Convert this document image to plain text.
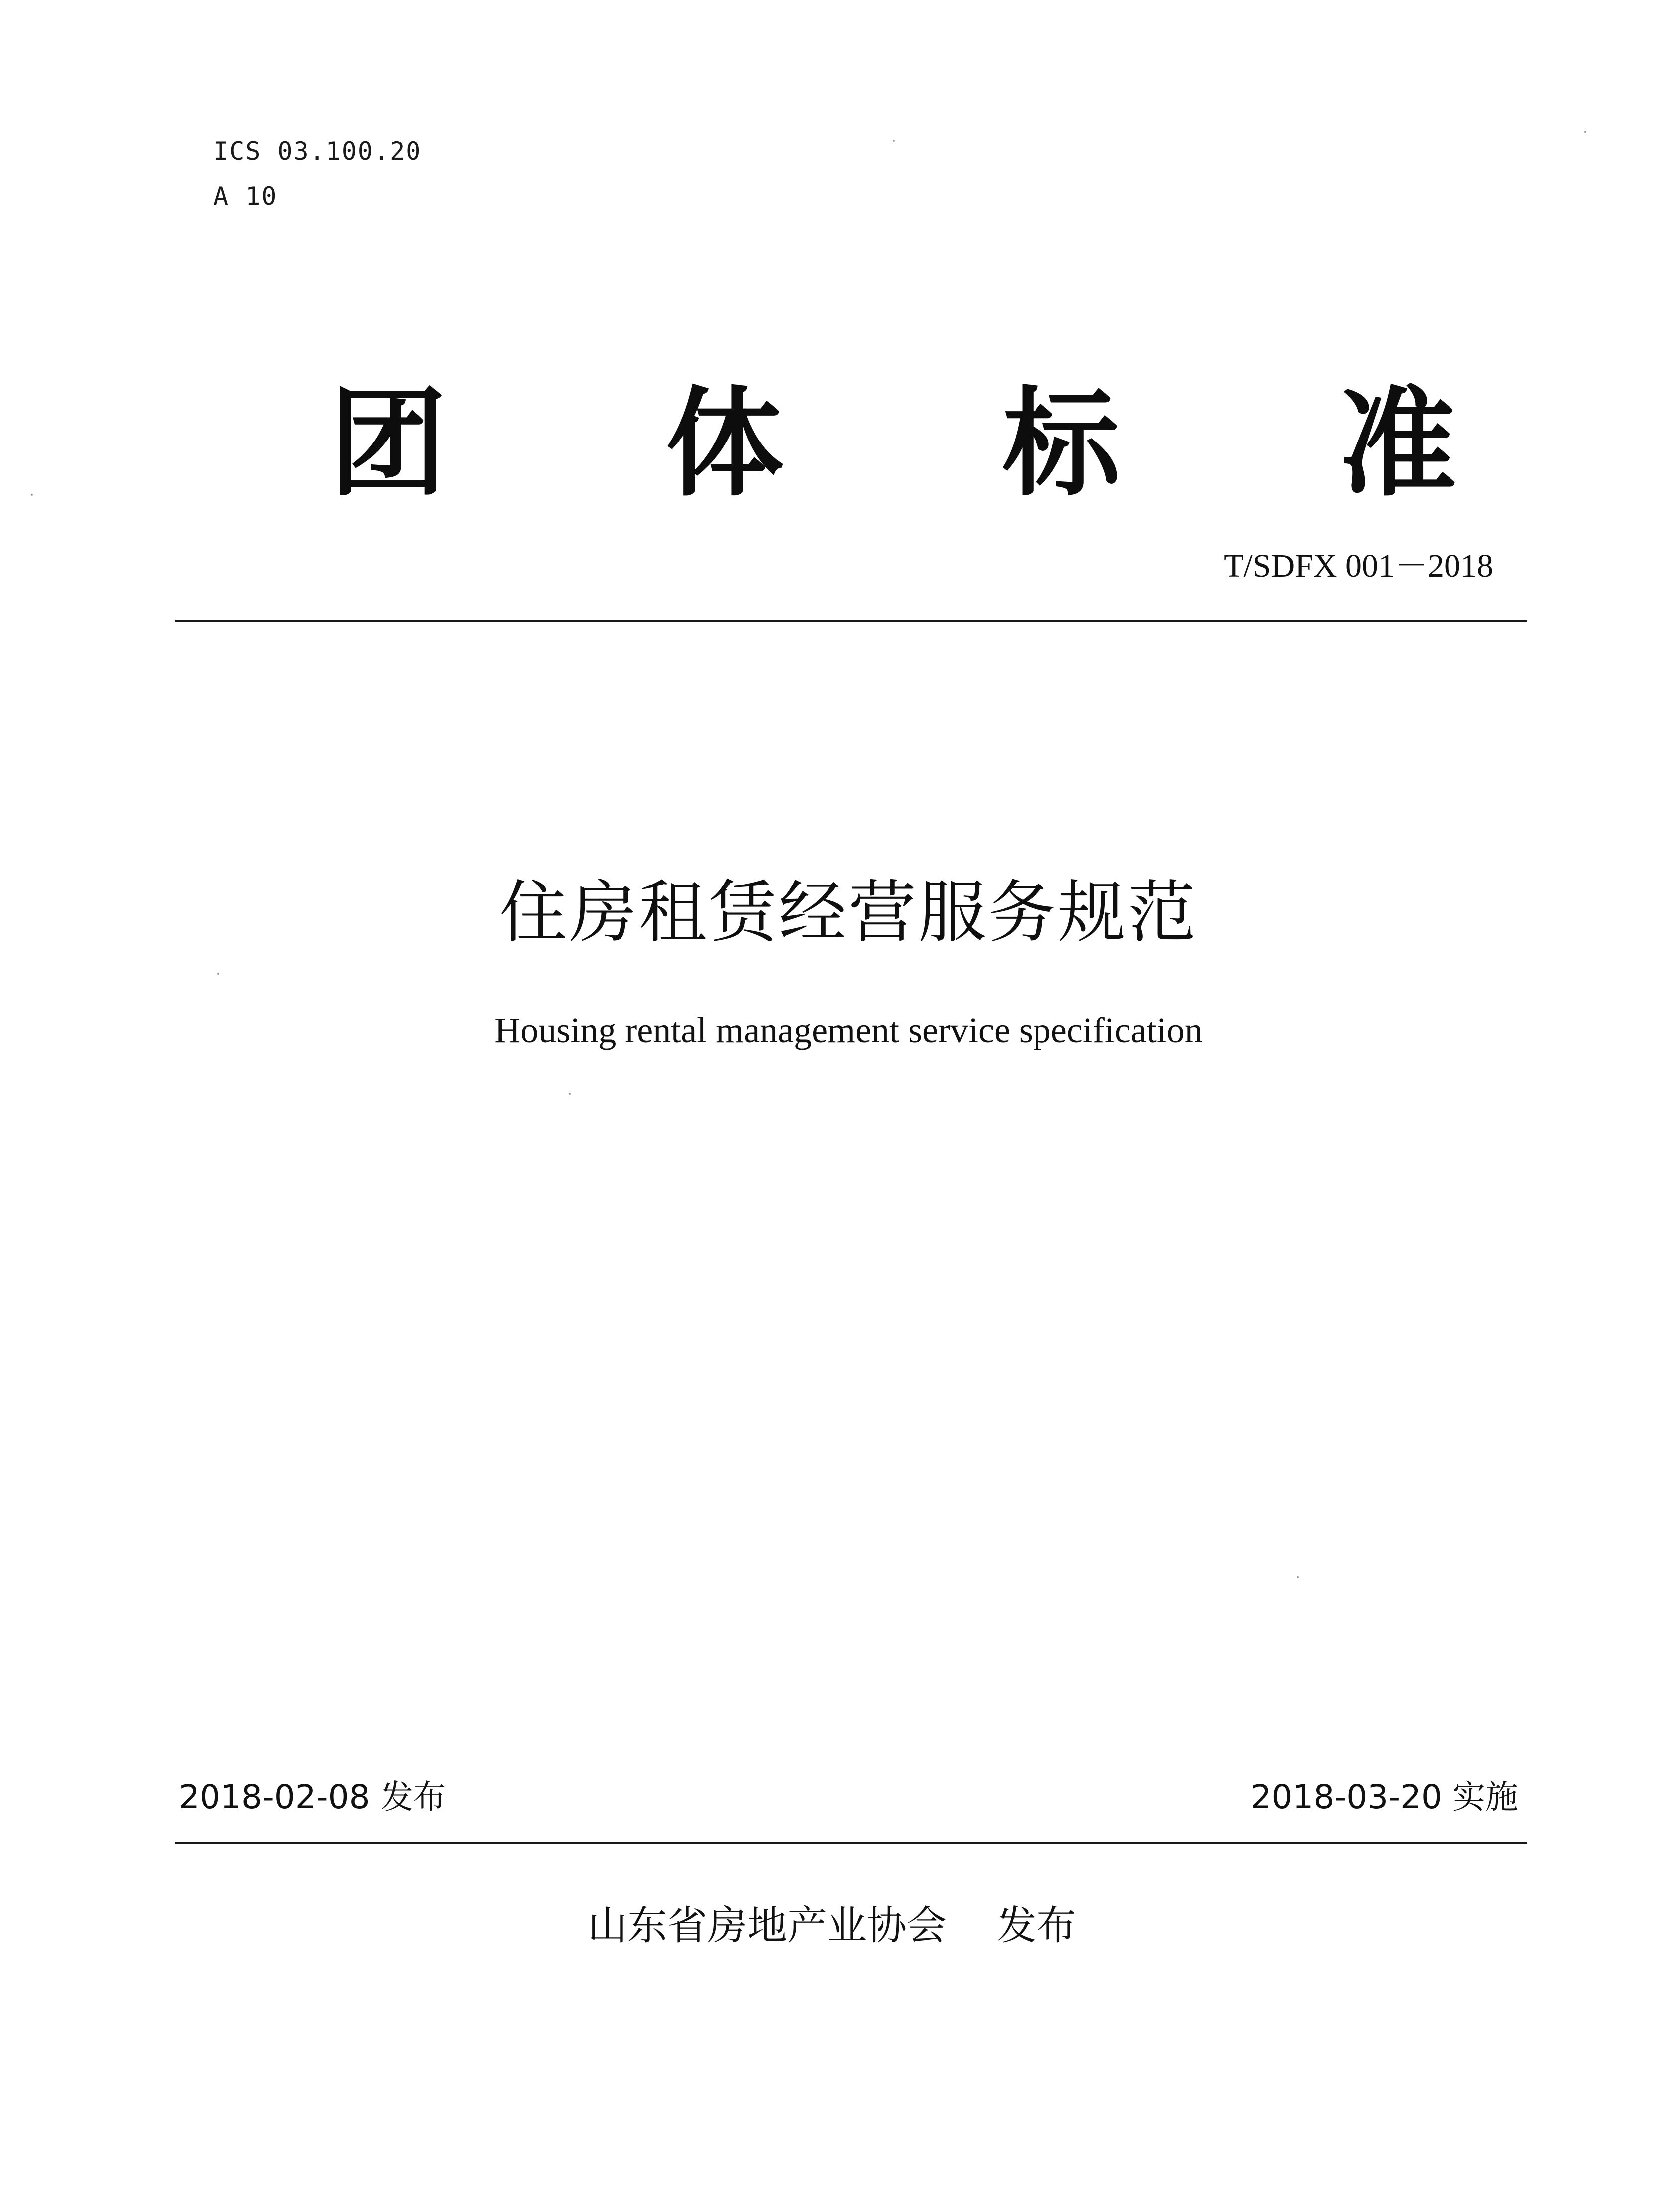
ICS 03.100.20
A 10
团 体 标 准
T/SDFX 001－2018
住房租赁经营服务规范
Housing rental management service specification
2018-02-08 发布	2018-03-20 实施
山东省房地产业协会 发布
